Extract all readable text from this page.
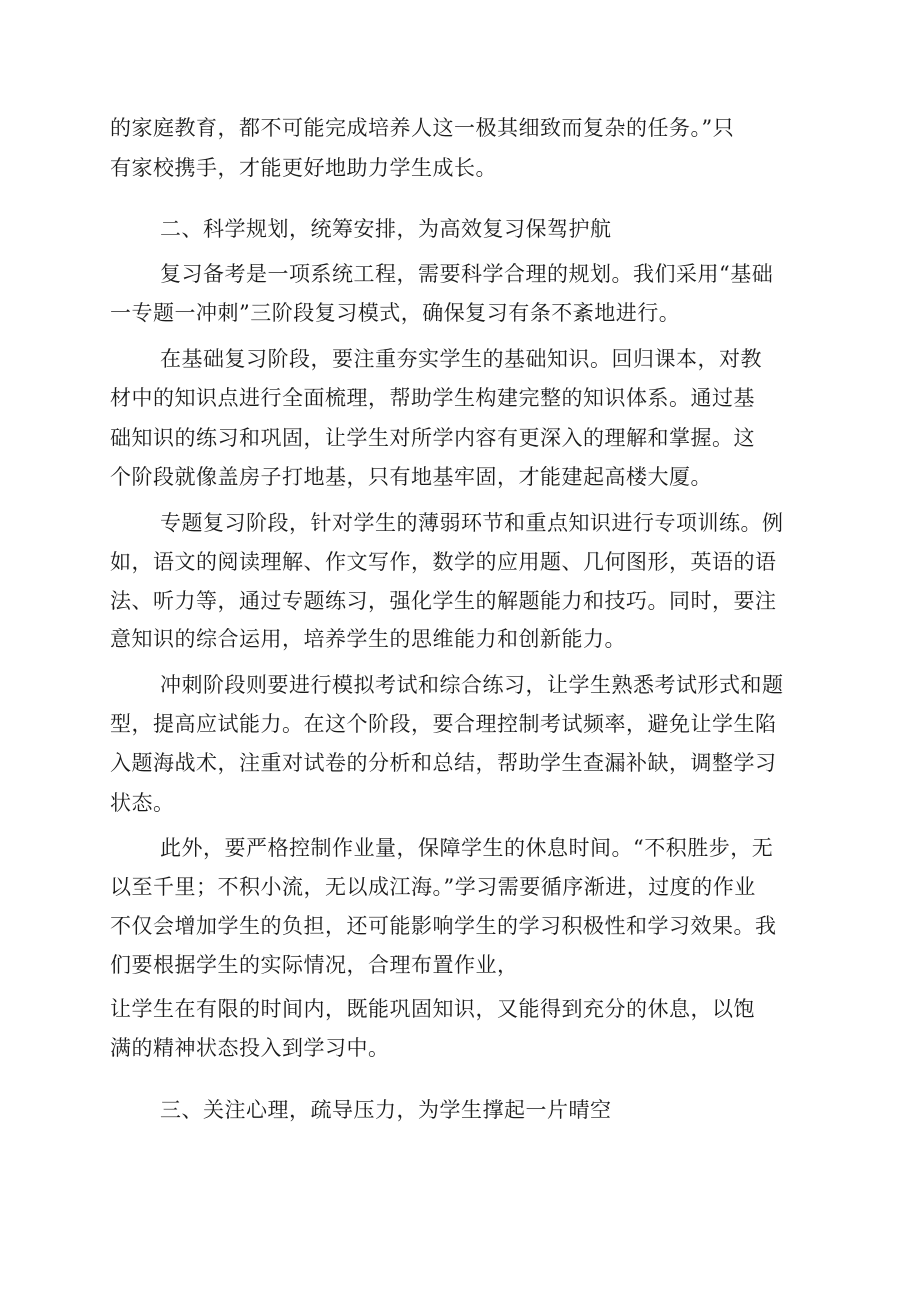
的家庭教育，都不可能完成培养人这一极其细致而复杂的任务。”只
有家校携手，才能更好地助力学生成长。
二、科学规划，统筹安排，为高效复习保驾护航
复习备考是一项系统工程，需要科学合理的规划。我们采用“基础
一专题一冲刺”三阶段复习模式，确保复习有条不紊地进行。
在基础复习阶段，要注重夯实学生的基础知识。回归课本，对教
材中的知识点进行全面梳理，帮助学生构建完整的知识体系。通过基
础知识的练习和巩固，让学生对所学内容有更深入的理解和掌握。这
个阶段就像盖房子打地基，只有地基牢固，才能建起高楼大厦。
专题复习阶段，针对学生的薄弱环节和重点知识进行专项训练。例
如，语文的阅读理解、作文写作，数学的应用题、几何图形，英语的语
法、听力等，通过专题练习，强化学生的解题能力和技巧。同时，要注
意知识的综合运用，培养学生的思维能力和创新能力。
冲刺阶段则要进行模拟考试和综合练习，让学生熟悉考试形式和题
型，提高应试能力。在这个阶段，要合理控制考试频率，避免让学生陷
入题海战术，注重对试卷的分析和总结，帮助学生查漏补缺，调整学习
状态。
此外，要严格控制作业量，保障学生的休息时间。“不积胜步，无
以至千里；不积小流，无以成江海。”学习需要循序渐进，过度的作业
不仅会增加学生的负担，还可能影响学生的学习积极性和学习效果。我
们要根据学生的实际情况，合理布置作业，
让学生在有限的时间内，既能巩固知识，又能得到充分的休息，以饱
满的精神状态投入到学习中。
三、关注心理，疏导压力，为学生撑起一片晴空
